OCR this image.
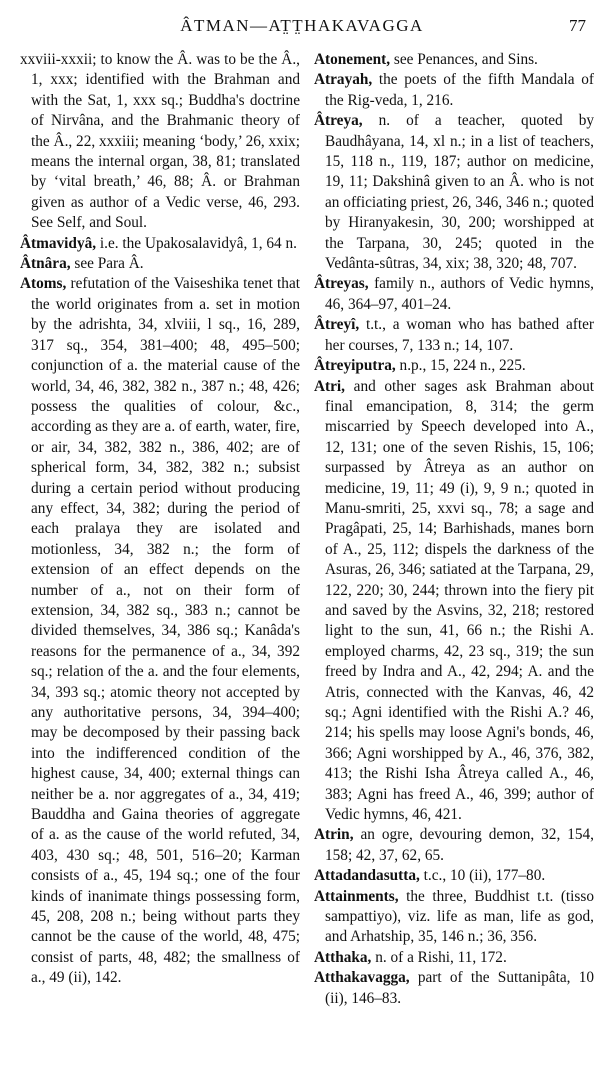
ÂTMAN—AT̤T̤HAKAVAGGA	77

xxviii-xxxii; to know the Â. was to be the Â., 1, xxx; identified with the Brahman and with the Sat, 1, xxx sq.; Buddha's doctrine of Nirvâna, and the Brahmanic theory of the Â., 22, xxxiii; meaning ‘body,’ 26, xxix; means the internal organ, 38, 81; translated by ‘vital breath,’ 46, 88; Â. or Brahman given as author of a Vedic verse, 46, 293. See Self, and Soul.

Âtmavidyâ, i.e. the Upakosalavidyâ, 1, 64 n.

Âtnâra, see Para Â.

Atoms, refutation of the Vaiseshika tenet that the world originates from a. set in motion by the adrishta, 34, xlviii, l sq., 16, 289, 317 sq., 354, 381–400; 48, 495–500; conjunction of a. the material cause of the world, 34, 46, 382, 382 n., 387 n.; 48, 426; possess the qualities of colour, &c., according as they are a. of earth, water, fire, or air, 34, 382, 382 n., 386, 402; are of spherical form, 34, 382, 382 n.; subsist during a certain period without producing any effect, 34, 382; during the period of each pralaya they are isolated and motionless, 34, 382 n.; the form of extension of an effect depends on the number of a., not on their form of extension, 34, 382 sq., 383 n.; cannot be divided themselves, 34, 386 sq.; Kanâda's reasons for the permanence of a., 34, 392 sq.; relation of the a. and the four elements, 34, 393 sq.; atomic theory not accepted by any authoritative persons, 34, 394–400; may be decomposed by their passing back into the indifferenced condition of the highest cause, 34, 400; external things can neither be a. nor aggregates of a., 34, 419; Bauddha and Gaina theories of aggregate of a. as the cause of the world refuted, 34, 403, 430 sq.; 48, 501, 516–20; Karman consists of a., 45, 194 sq.; one of the four kinds of inanimate things possessing form, 45, 208, 208 n.; being without parts they cannot be the cause of the world, 48, 475; consist of parts, 48, 482; the smallness of a., 49 (ii), 142.

Atonement, see Penances, and Sins.

Atrayah, the poets of the fifth Mandala of the Rig-veda, 1, 216.

Âtreya, n. of a teacher, quoted by Baudhâyana, 14, xl n.; in a list of teachers, 15, 118 n., 119, 187; author on medicine, 19, 11; Dakshinâ given to an Â. who is not an officiating priest, 26, 346, 346 n.; quoted by Hiranyakesin, 30, 200; worshipped at the Tarpana, 30, 245; quoted in the Vedânta-sûtras, 34, xix; 38, 320; 48, 707.

Âtreyas, family n., authors of Vedic hymns, 46, 364–97, 401–24.

Âtreyî, t.t., a woman who has bathed after her courses, 7, 133 n.; 14, 107.

Âtreyiputra, n.p., 15, 224 n., 225.

Atri, and other sages ask Brahman about final emancipation, 8, 314; the germ miscarried by Speech developed into A., 12, 131; one of the seven Rishis, 15, 106; surpassed by Âtreya as an author on medicine, 19, 11; 49 (i), 9, 9 n.; quoted in Manu-smriti, 25, xxvi sq., 78; a sage and Pragâpati, 25, 14; Barhishads, manes born of A., 25, 112; dispels the darkness of the Asuras, 26, 346; satiated at the Tarpana, 29, 122, 220; 30, 244; thrown into the fiery pit and saved by the Asvins, 32, 218; restored light to the sun, 41, 66 n.; the Rishi A. employed charms, 42, 23 sq., 319; the sun freed by Indra and A., 42, 294; A. and the Atris, connected with the Kanvas, 46, 42 sq.; Agni identified with the Rishi A.? 46, 214; his spells may loose Agni's bonds, 46, 366; Agni worshipped by A., 46, 376, 382, 413; the Rishi Isha Âtreya called A., 46, 383; Agni has freed A., 46, 399; author of Vedic hymns, 46, 421.

Atrin, an ogre, devouring demon, 32, 154, 158; 42, 37, 62, 65.

Attadandasutta, t.c., 10 (ii), 177–80.

Attainments, the three, Buddhist t.t. (tisso sampattiyo), viz. life as man, life as god, and Arhatship, 35, 146 n.; 36, 356.

Atthaka, n. of a Rishi, 11, 172.

Atthakavagga, part of the Suttanipâta, 10 (ii), 146–83.
